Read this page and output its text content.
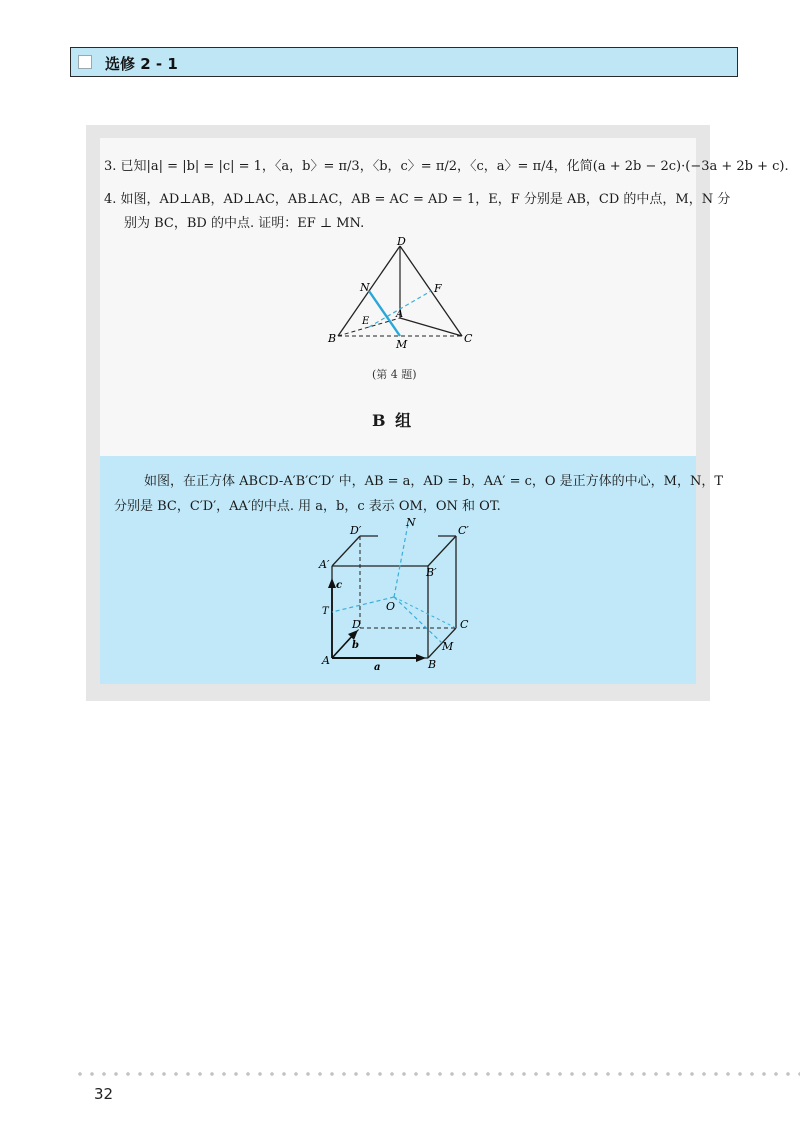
选修 2 - 1
3. 已知|a| = |b| = |c| = 1，〈a，b〉= π/3，〈b，c〉= π/2，〈c，a〉= π/4，化简(a + 2b − 2c)·(−3a + 2b + c).
4. 如图，AD⊥AB，AD⊥AC，AB⊥AC，AB = AC = AD = 1，E，F 分别是 AB，CD 的中点，M，N 分
别为 BC，BD 的中点. 证明：EF ⊥ MN.
D
N	F
E
A
B	M	C
(第 4 题)
B 组
如图，在正方体 ABCD-A′B′C′D′ 中，AB = a，AD = b，AA′ = c，O 是正方体的中心，M，N，T
分别是 BC，C′D′，AA′的中点. 用 a，b，c 表示 OM，ON 和 OT.
D′
N
C′
A′
B′
c
T	O
D	C
b	M
A
a	B
32
